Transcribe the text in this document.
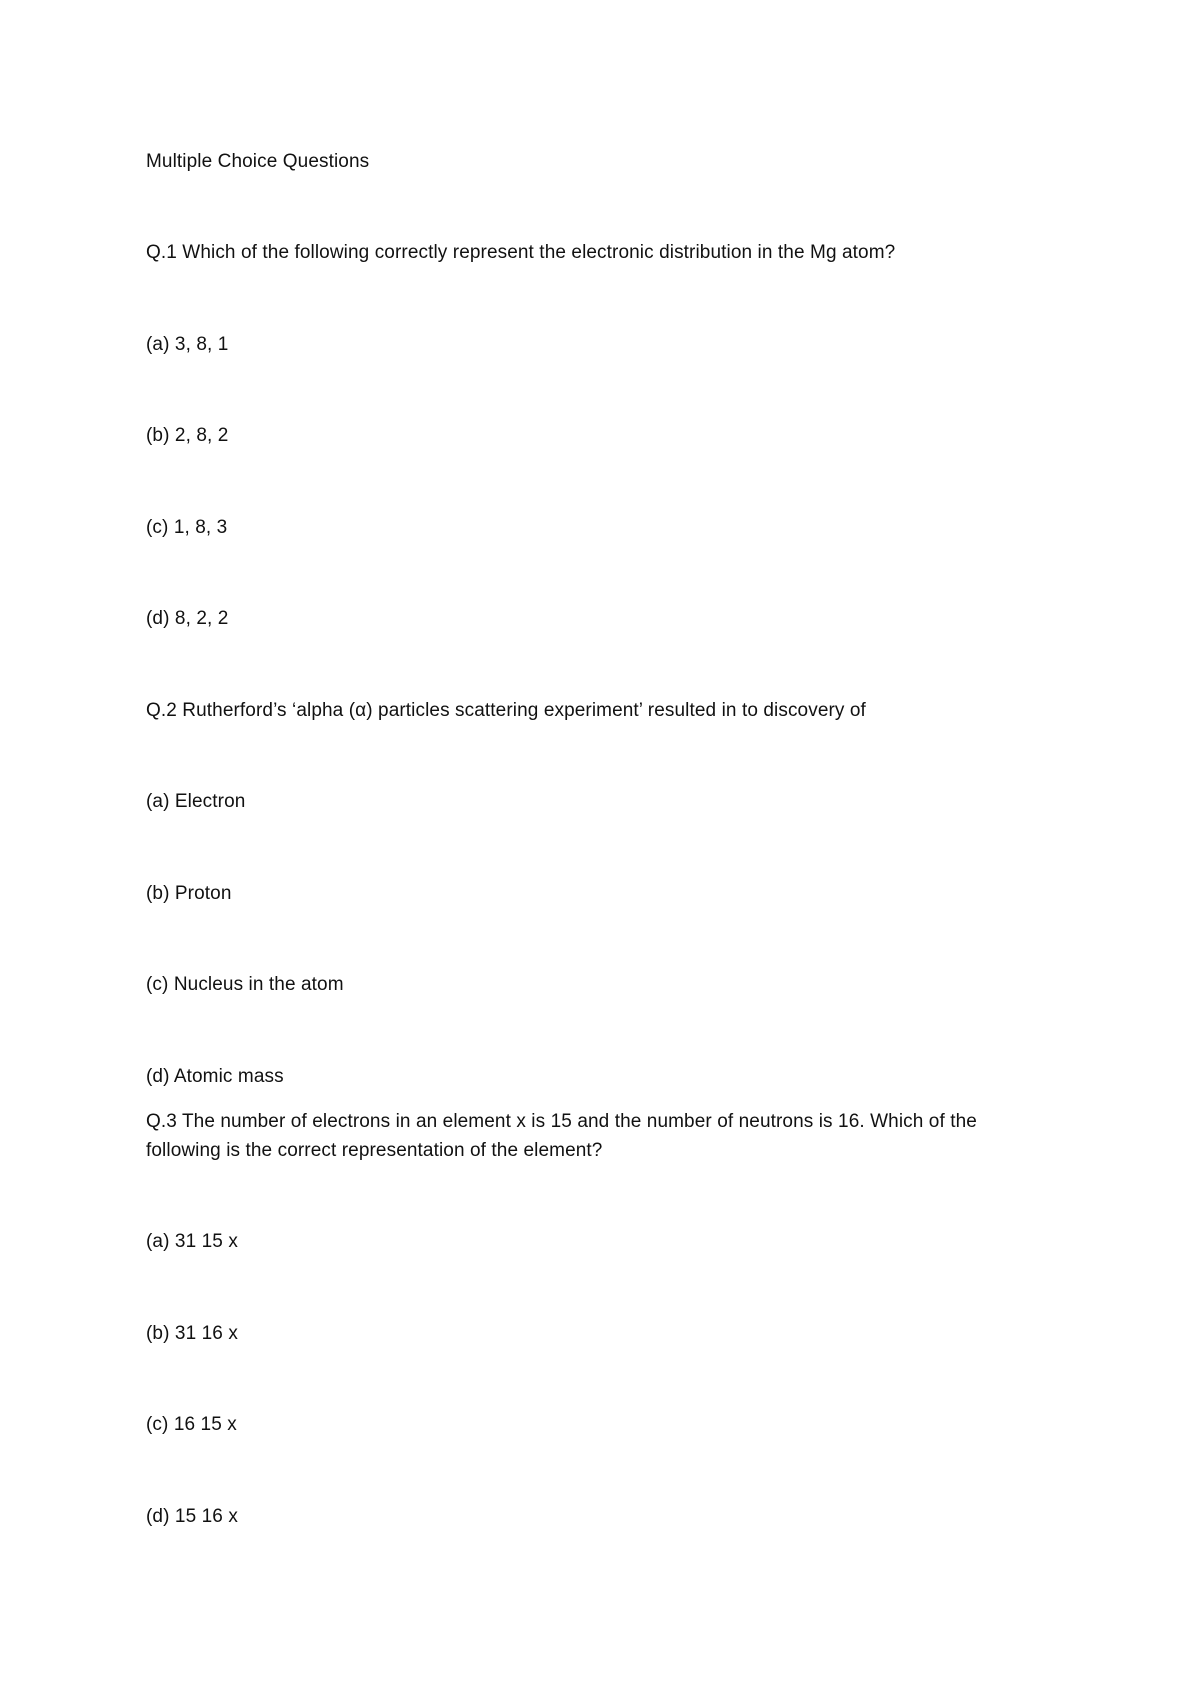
Multiple Choice Questions
Q.1 Which of the following correctly represent the electronic distribution in the Mg atom?
(a) 3, 8, 1
(b) 2, 8, 2
(c) 1, 8, 3
(d) 8, 2, 2
Q.2 Rutherford’s ‘alpha (α) particles scattering experiment’ resulted in to discovery of
(a) Electron
(b) Proton
(c) Nucleus in the atom
(d) Atomic mass
Q.3 The number of electrons in an element x is 15 and the number of neutrons is 16. Which of the
following is the correct representation of the element?
(a) 31 15 x
(b) 31 16 x
(c) 16 15 x
(d) 15 16 x
